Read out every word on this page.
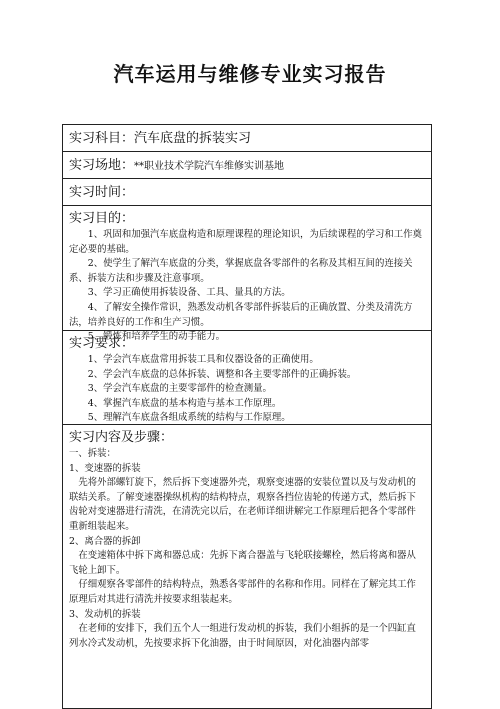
汽车运用与维修专业实习报告
实习科目：汽车底盘的拆装实习
实习场地：**职业技术学院汽车维修实训基地
实习时间：
实习目的：

1、巩固和加强汽车底盘构造和原理课程的理论知识，为后续课程的学习和工作奠定必要的基础。

2、使学生了解汽车底盘的分类，掌握底盘各零部件的名称及其相互间的连接关系、拆装方法和步骤及注意事项。

3、学习正确使用拆装设备、工具、量具的方法。

4、了解安全操作常识，熟悉发动机各零部件拆装后的正确放置、分类及清洗方法，培养良好的工作和生产习惯。

5、锻炼和培养学生的动手能力。

实习要求：

1、学会汽车底盘常用拆装工具和仪器设备的正确使用。

2、学会汽车底盘的总体拆装、调整和各主要零部件的正确拆装。

3、学会汽车底盘的主要零部件的检查测量。

4、掌握汽车底盘的基本构造与基本工作原理。

5、理解汽车底盘各组成系统的结构与工作原理。

实习内容及步骤：

一、拆装：

1、变速器的拆装

先将外部螺钉旋下，然后拆下变速器外壳，观察变速器的安装位置以及与发动机的联结关系。了解变速器操纵机构的结构特点，观察各挡位齿轮的传递方式，然后拆下齿轮对变速器进行清洗，在清洗完以后，在老师详细讲解完工作原理后把各个零部件重新组装起来。

2、离合器的拆卸

在变速箱体中拆下离和器总成：先拆下离合器盖与飞轮联接螺栓，然后将离和器从飞轮上卸下。

仔细观察各零部件的结构特点，熟悉各零部件的名称和作用。同样在了解完其工作原理后对其进行清洗并按要求组装起来。

3、发动机的拆装

在老师的安排下，我们五个人一组进行发动机的拆装，我们小组拆的是一个四缸直列水冷式发动机，先按要求拆下化油器，由于时间原因，对化油器内部零
